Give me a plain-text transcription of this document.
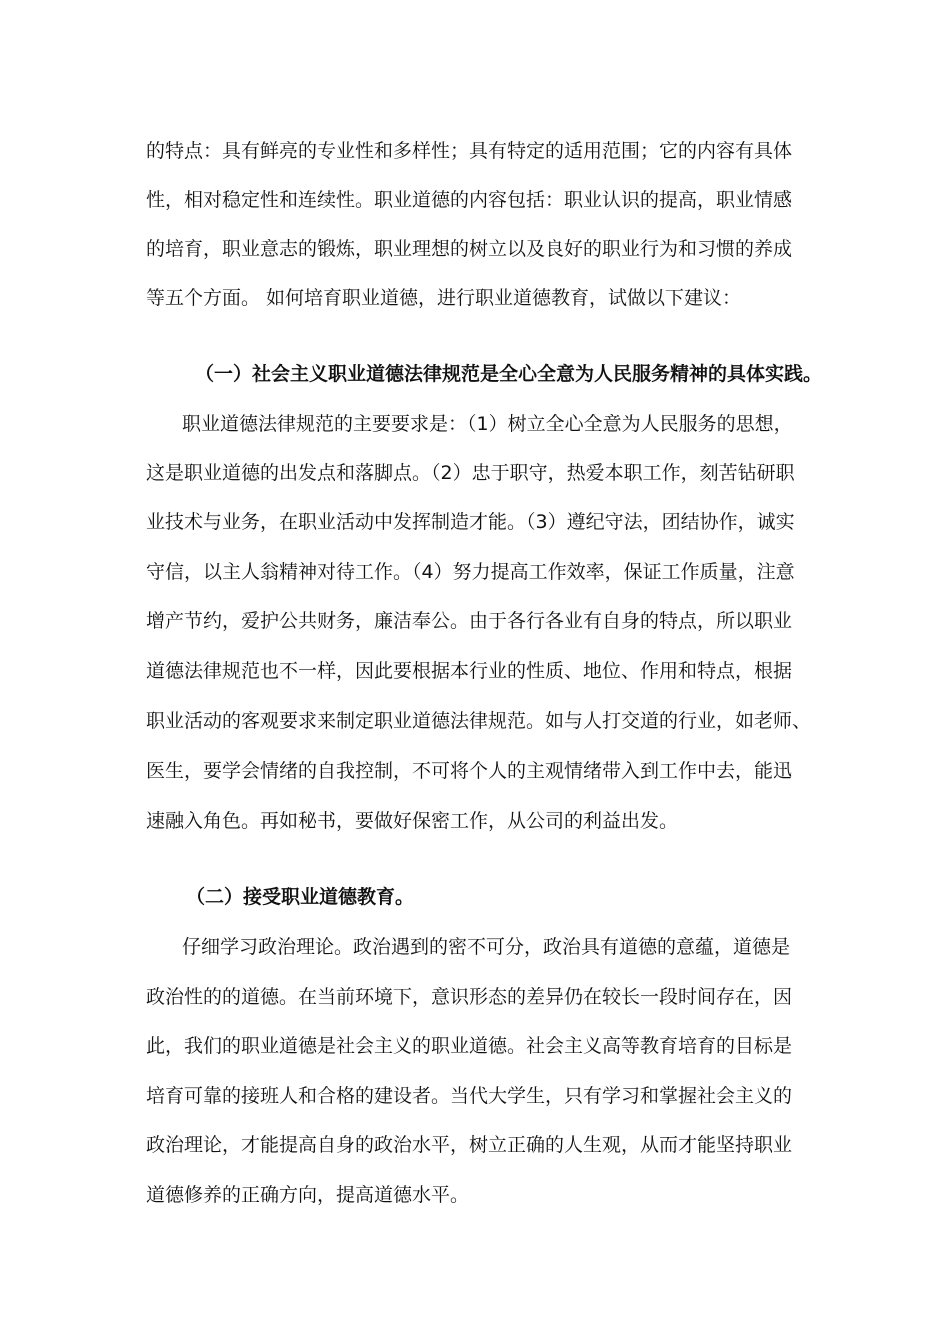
的特点：具有鲜亮的专业性和多样性；具有特定的适用范围；它的内容有具体
性，相对稳定性和连续性。职业道德的内容包括：职业认识的提高，职业情感
的培育，职业意志的锻炼，职业理想的树立以及良好的职业行为和习惯的养成
等五个方面。 如何培育职业道德，进行职业道德教育，试做以下建议：
（一）社会主义职业道德法律规范是全心全意为人民服务精神的具体实践。
职业道德法律规范的主要要求是：（1）树立全心全意为人民服务的思想，
这是职业道德的出发点和落脚点。（2）忠于职守，热爱本职工作，刻苦钻研职
业技术与业务，在职业活动中发挥制造才能。（3）遵纪守法，团结协作，诚实
守信，以主人翁精神对待工作。（4）努力提高工作效率，保证工作质量，注意
增产节约，爱护公共财务，廉洁奉公。由于各行各业有自身的特点，所以职业
道德法律规范也不一样，因此要根据本行业的性质、地位、作用和特点，根据
职业活动的客观要求来制定职业道德法律规范。如与人打交道的行业，如老师、
医生，要学会情绪的自我控制，不可将个人的主观情绪带入到工作中去，能迅
速融入角色。再如秘书，要做好保密工作，从公司的利益出发。
（二）接受职业道德教育。
仔细学习政治理论。政治遇到的密不可分，政治具有道德的意蕴，道德是
政治性的的道德。在当前环境下，意识形态的差异仍在较长一段时间存在，因
此，我们的职业道德是社会主义的职业道德。社会主义高等教育培育的目标是
培育可靠的接班人和合格的建设者。当代大学生，只有学习和掌握社会主义的
政治理论，才能提高自身的政治水平，树立正确的人生观，从而才能坚持职业
道德修养的正确方向，提高道德水平。
